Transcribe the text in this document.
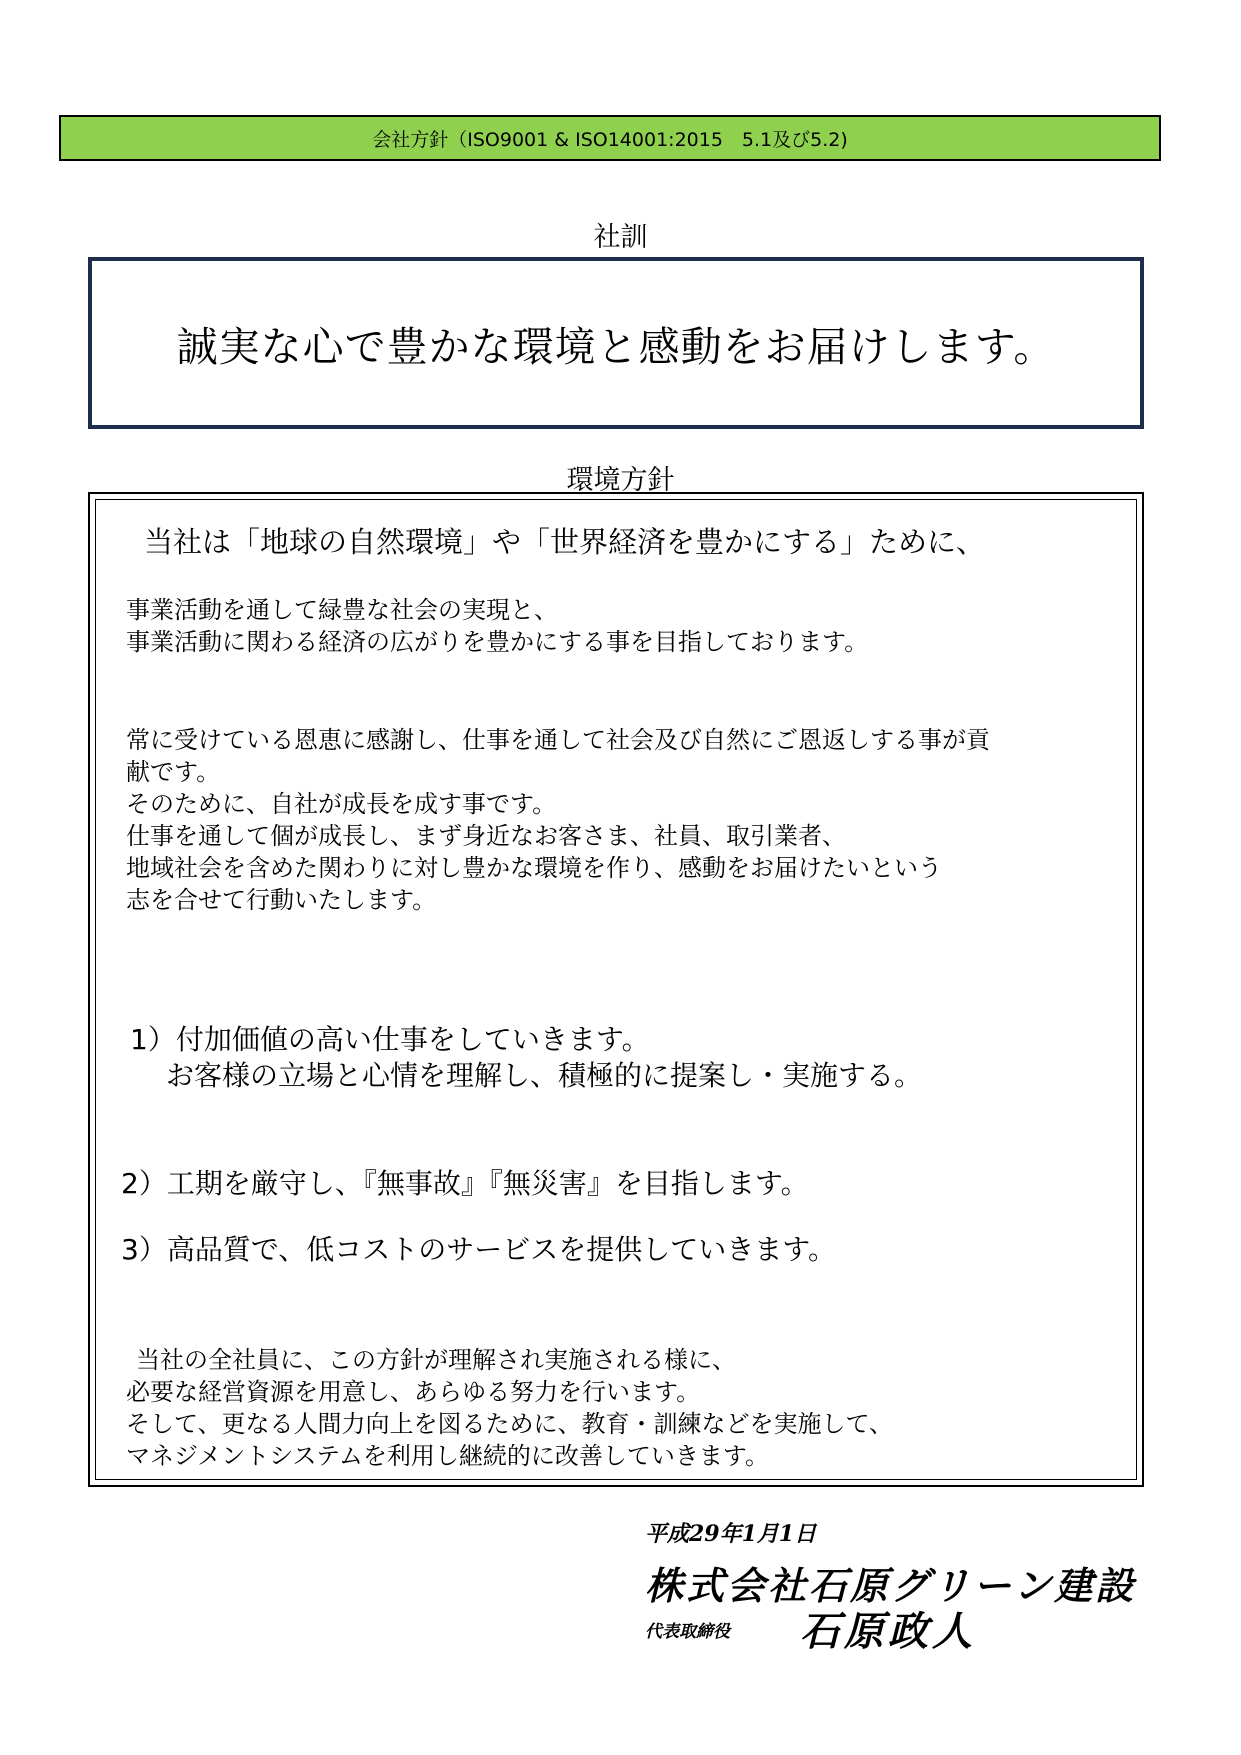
会社方針（ISO9001 & ISO14001:2015　5.1及び5.2)
社訓
誠実な心で豊かな環境と感動をお届けします。
環境方針
当社は「地球の自然環境」や「世界経済を豊かにする」ために、
事業活動を通して緑豊な社会の実現と、
事業活動に関わる経済の広がりを豊かにする事を目指しております。
常に受けている恩恵に感謝し、仕事を通して社会及び自然にご恩返しする事が貢
献です。
そのために、自社が成長を成す事です。
仕事を通して個が成長し、まず身近なお客さま、社員、取引業者、
地域社会を含めた関わりに対し豊かな環境を作り、感動をお届けたいという
志を合せて行動いたします。
1）付加価値の高い仕事をしていきます。
お客様の立場と心情を理解し、積極的に提案し・実施する。
2）工期を厳守し、『無事故』『無災害』を目指します。
3）高品質で、低コストのサービスを提供していきます。
当社の全社員に、この方針が理解され実施される様に、
必要な経営資源を用意し、あらゆる努力を行います。
そして、更なる人間力向上を図るために、教育・訓練などを実施して、
マネジメントシステムを利用し継続的に改善していきます。
平成29年1月1日
株式会社石原グリーン建設
代表取締役 石原政人
